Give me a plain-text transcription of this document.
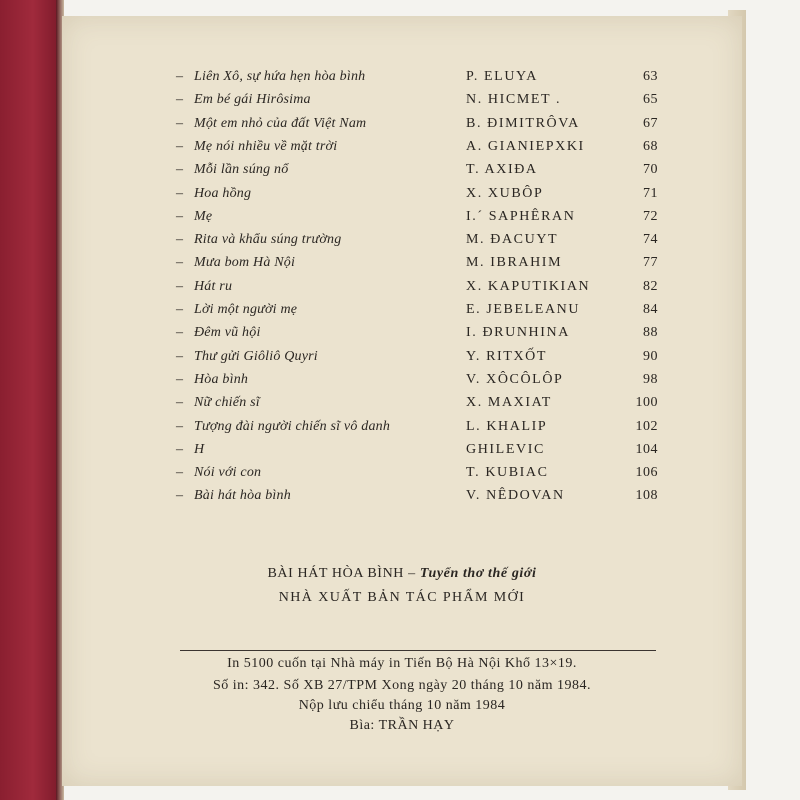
– Liên Xô, sự hứa hẹn hòa bình	P. ELUYA	63
– Em bé gái Hirôsima	N. HICMET .	65
– Một em nhỏ của đất Việt Nam	B. ĐIMITRÔVA	67
– Mẹ nói nhiều về mặt trời	A. GIANIEPXKI	68
– Mỗi lần súng nổ	T. AXIĐA	70
– Hoa hồng	X. XUBÔP	71
– Mẹ	I.´ SAPHÊRAN	72
– Rita và khẩu súng trường	M. ĐACUYT	74
– Mưa bom Hà Nội	M. IBRAHIM	77
– Hát ru	X. KAPUTIKIAN	82
– Lời một người mẹ	E. JEBELEANU	84
– Đêm vũ hội	I. ĐRUNHINA	88
– Thư gửi Giôliô Quyri	Y. RITXỐT	90
– Hòa bình	V. XÔCÔLÔP	98
– Nữ chiến sĩ	X. MAXIAT	100
– Tượng đài người chiến sĩ vô danh	L. KHALIP	102
– H	GHILEVIC	104
– Nói với con	T. KUBIAC	106
– Bài hát hòa bình	V. NÊDOVAN	108
BÀI HÁT HÒA BÌNH – Tuyển thơ thế giới
NHÀ XUẤT BẢN TÁC PHẨM MỚI
In 5100 cuốn tại Nhà máy in Tiến Bộ Hà Nội Khổ 13×19.
Số in: 342. Số XB 27/TPM Xong ngày 20 tháng 10 năm 1984.
Nộp lưu chiểu tháng 10 năm 1984
Bìa: TRẦN HẠY
